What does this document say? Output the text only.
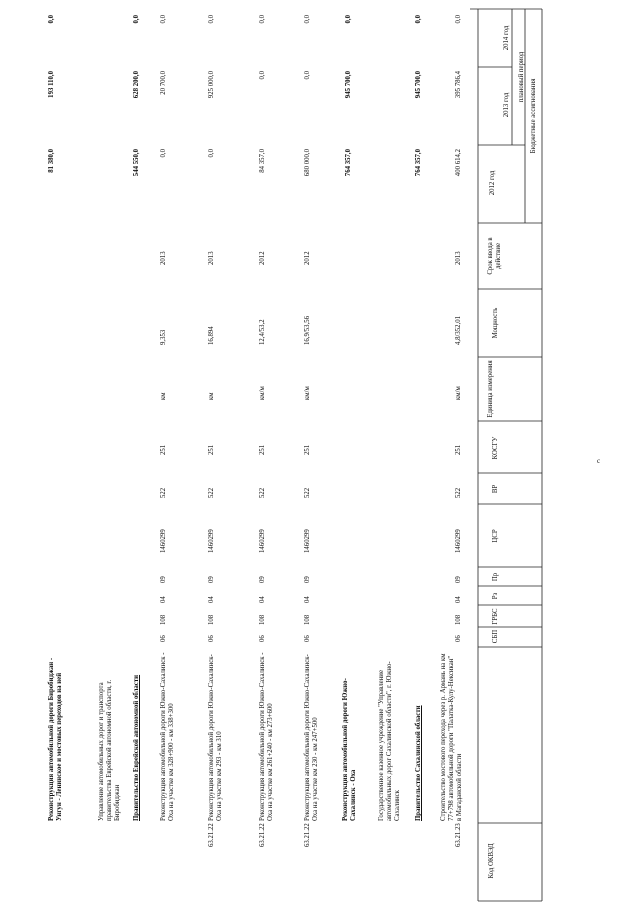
Код ОКВЭД
СБП
ГРБС
Рз
Пр
ЦСР
ВР
КОСГУ
Единица измерения
Мощность
Срок ввода в действие
Бюджетные ассигнования
плановый период
2012 год
2013 год
2014 год
63.21.23
Строительство мостового перехода через р. Армань на км 77+798 автомобильной дороги "Палатка-Кулу-Нексикан" в Магаданской области
06
108
04
09
1460299
522
251
км/м
4,8/352,01
2013
400 614,2
395 786,4
0,0
Правительство Сахалинской области
764 357,0
945 700,0
0,0
Государственное казенное учреждение "Управление автомобильных дорог Сахалинской области", г. Южно-Сахалинск
Реконструкция автомобильной дороги Южно-Сахалинск - Оха
764 357,0
945 700,0
0,0
63.21.22
Реконструкция автомобильной дороги Южно-Сахалинск-Оха на участке км 230 - км 247+500
06
108
04
09
1460299
522
251
км/м
16,9/53,56
2012
680 000,0
0,0
0,0
63.21.22
Реконструкция автомобильной дороги Южно-Сахалинск - Оха на участке км 261+240 - км 273+600
06
108
04
09
1460299
522
251
км/м
12,4/53,2
2012
84 357,0
0,0
0,0
63.21.22
Реконструкция автомобильной дороги Южно-Сахалинск-Оха на участке км 293 - км 310
06
108
04
09
1460299
522
251
км
16,894
2013
0,0
925 000,0
0,0
Реконструкция автомобильной дороги Южно-Сахалинск - Оха на участке км 328+900 - км 338+300
06
108
04
09
1460299
522
251
км
9,353
2013
0,0
20 700,0
0,0
Правительство Еврейской автономной области
544 550,0
628 200,0
0,0
Управление автомобильных дорог и транспорта правительства Еврейской автономной области, г. Биробиджан
Реконструкция автомобильной дороги Биробиджан - Унгун - Ленинское и мостовых переходов на ней
81 380,0
193 110,0
0,0
c
